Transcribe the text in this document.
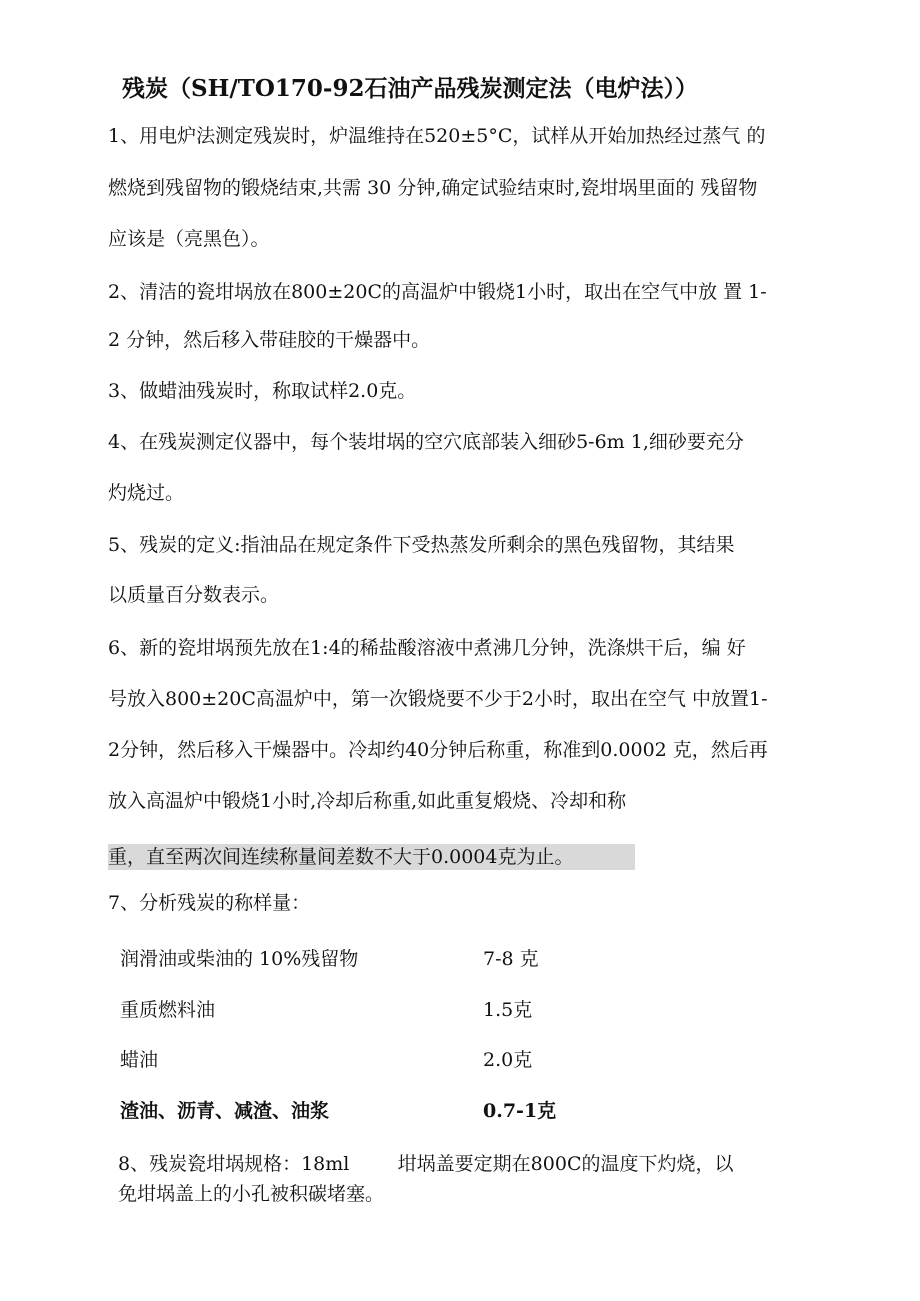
残炭（SH/TO170-92石油产品残炭测定法（电炉法））
1、用电炉法测定残炭时，炉温维持在520±5°C，试样从开始加热经过蒸气 的
燃烧到残留物的锻烧结束,共需 30 分钟,确定试验结束时,瓷坩埚里面的 残留物
应该是（亮黑色）。
2、清洁的瓷坩埚放在800±20C的高温炉中锻烧1小时，取出在空气中放 置 1-
2 分钟，然后移入带硅胶的干燥器中。
3、做蜡油残炭时，称取试样2.0克。
4、在残炭测定仪器中，每个装坩埚的空穴底部装入细砂5-6m 1,细砂要充分
灼烧过。
5、残炭的定义:指油品在规定条件下受热蒸发所剩余的黑色残留物，其结果
以质量百分数表示。
6、新的瓷坩埚预先放在1:4的稀盐酸溶液中煮沸几分钟，洗涤烘干后，编 好
号放入800±20C高温炉中，第一次锻烧要不少于2小时，取出在空气 中放置1-
2分钟，然后移入干燥器中。冷却约40分钟后称重，称准到0.0002 克，然后再
放入高温炉中锻烧1小时,冷却后称重,如此重复煅烧、冷却和称
重，直至两次间连续称量间差数不大于0.0004克为止。
7、分析残炭的称样量：
润滑油或柴油的 10%残留物	7-8 克
重质燃料油	1.5克
蜡油	2.0克
渣油、沥青、减渣、油浆	0.7-1克
8、残炭瓷坩埚规格：18ml        坩埚盖要定期在800C的温度下灼烧，以
免坩埚盖上的小孔被积碳堵塞。
